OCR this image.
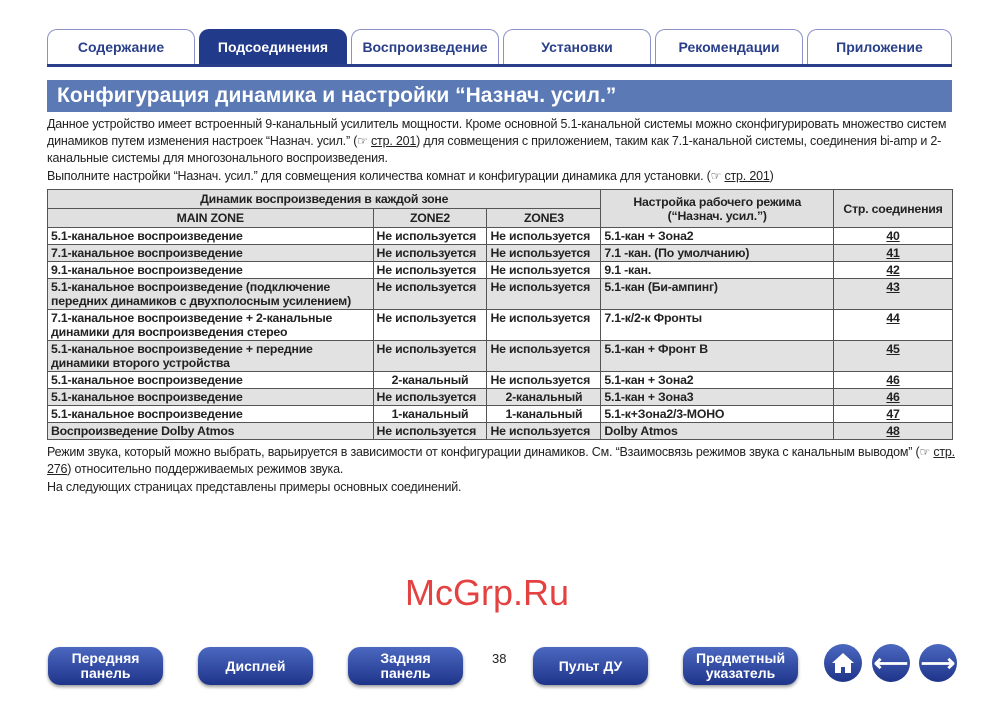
Содержание	Подсоединения Воспроизведение	Установки	Рекомендации	Приложение
Конфигурация динамика и настройки “Назнач. усил.”
Данное устройство имеет встроенный 9-канальный усилитель мощности. Кроме основной 5.1-канальной системы можно сконфигурировать множество систем динамиков путем изменения настроек “Назнач. усил.” (☞ стр. 201) для совмещения с приложением, таким как 7.1-канальной системы, соединения bi-amp и 2-канальные системы для многозонального воспроизведения.
Выполните настройки “Назнач. усил.” для совмещения количества комнат и конфигурации динамика для установки. (☞ стр. 201)
Динамик воспроизведения в каждой зоне			Настройка рабочего режима
(“Назнач. усил.”)	Стр. соединения
MAIN ZONE	ZONE2	ZONE3		
5.1-канальное воспроизведение	Не используется	Не используется	5.1-кан + Зона2	40
7.1-канальное воспроизведение	Не используется	Не используется	7.1 -кан. (По умолчанию)	41
9.1-канальное воспроизведение	Не используется	Не используется	9.1 -кан.	42
5.1-канальное воспроизведение (подключение передних динамиков с двухполосным усилением)	Не используется	Не используется	5.1-кан (Би-ампинг)	43
7.1-канальное воспроизведение + 2-канальные динамики для воспроизведения стерео	Не используется	Не используется	7.1-к/2-к Фронты	44
5.1-канальное воспроизведение + передние динамики второго устройства	Не используется	Не используется	5.1-кан + Фронт B	45
5.1-канальное воспроизведение	2-канальный	Не используется	5.1-кан + Зона2	46
5.1-канальное воспроизведение	Не используется	2-канальный	5.1-кан + Зона3	46
5.1-канальное воспроизведение	1-канальный	1-канальный	5.1-к+Зона2/3-МОНО	47
Воспроизведение Dolby Atmos	Не используется	Не используется	Dolby Atmos	48
Режим звука, который можно выбрать, варьируется в зависимости от конфигурации динамиков. См. “Взаимосвязь режимов звука с канальным выводом” (☞ стр. 276) относительно поддерживаемых режимов звука.
На следующих страницах представлены примеры основных соединений.
McGrp.Ru
Передняя
панель	Дисплей	Задняя
панель
38	Пульт ДУ	Предметный
указатель	⟵ ⟶
